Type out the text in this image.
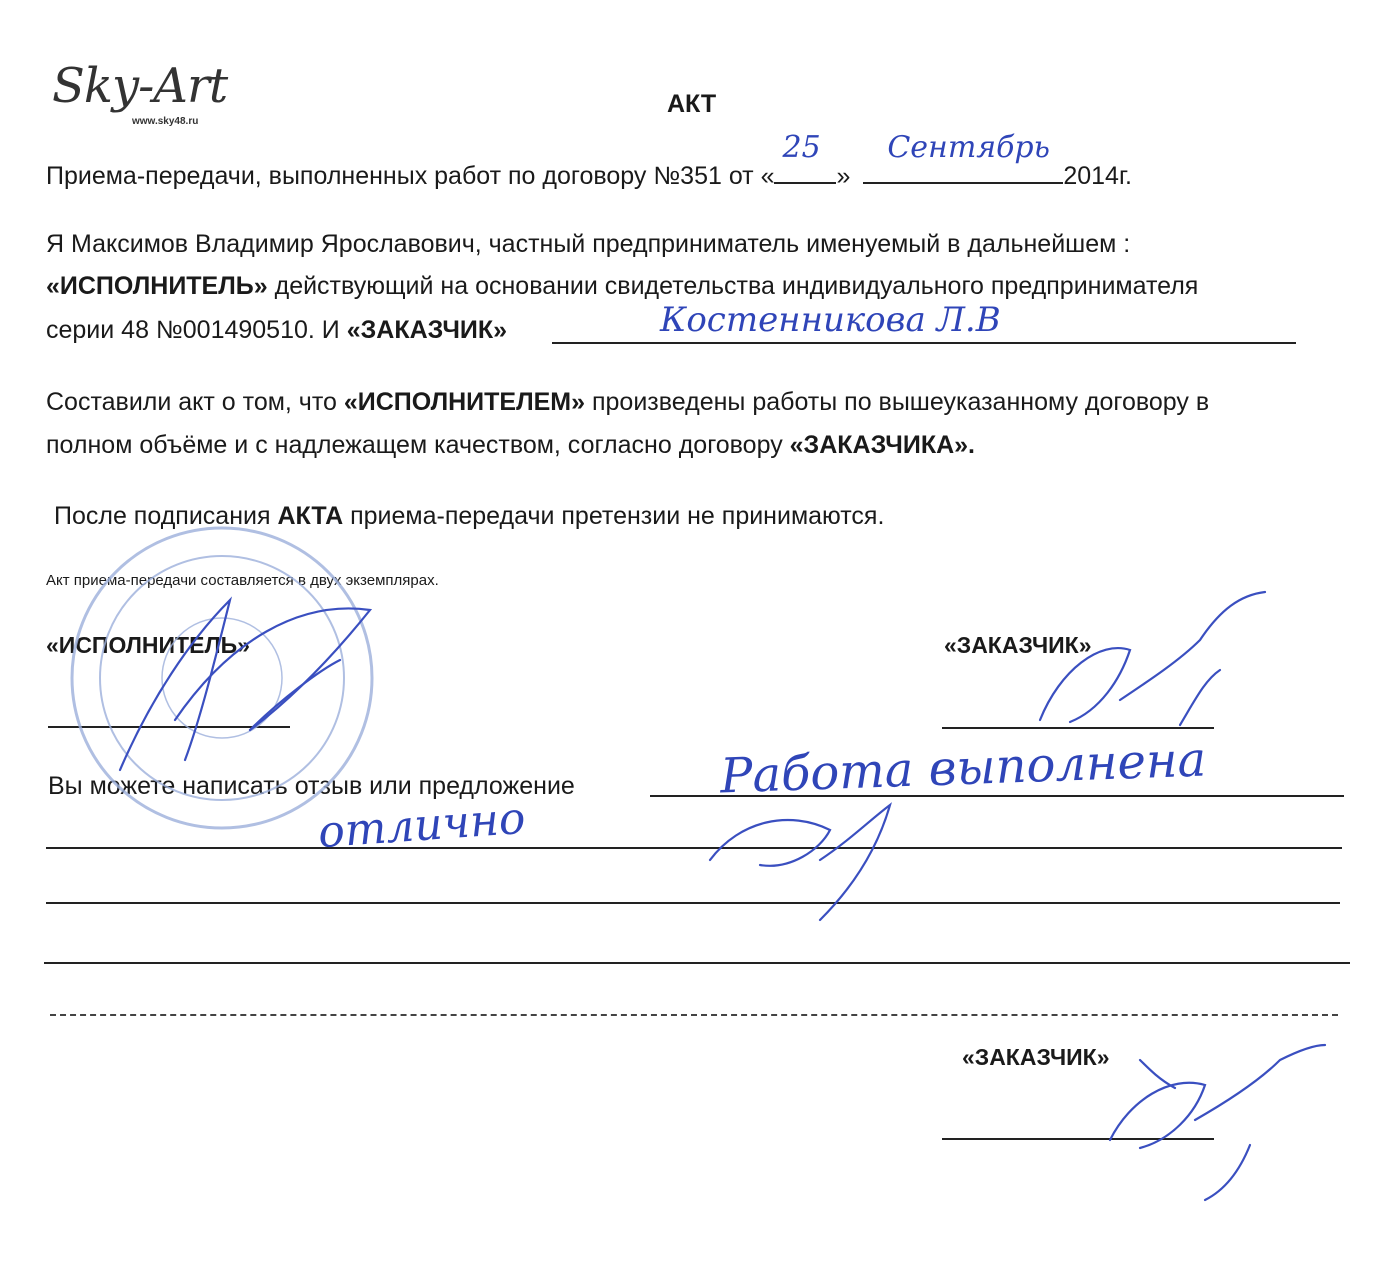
Sky-Art
www.sky48.ru
АКТ
Приема-передачи, выполненных работ по договору №351 от «
25
»
Сентябрь
2014г.
Я Максимов Владимир Ярославович, частный предприниматель именуемый в дальнейшем :
«ИСПОЛНИТЕЛЬ» действующий на основании свидетельства индивидуального предпринимателя
серии 48 №001490510. И «ЗАКАЗЧИК»	Костенникова Л.В
Составили акт о том, что «ИСПОЛНИТЕЛЕМ» произведены работы по вышеуказанному договору в
полном объёме и с надлежащем качеством, согласно договору «ЗАКАЗЧИКА».
После подписания АКТА приема-передачи претензии не принимаются.
Акт приема-передачи составляется в двух экземплярах.
«ИСПОЛНИТЕЛЬ»	«ЗАКАЗЧИК»
Вы можете написать отзыв или предложение	Работа выполнена
отлично
«ЗАКАЗЧИК»
